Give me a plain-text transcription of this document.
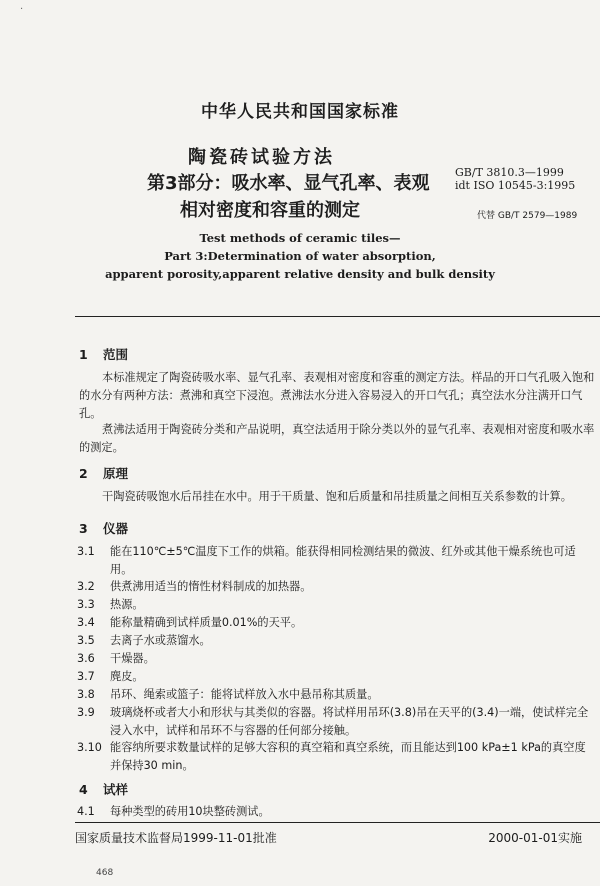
·
中华人民共和国国家标准
陶瓷砖试验方法
第3部分：吸水率、显气孔率、表观
相对密度和容重的测定
GB/T 3810.3—1999
idt ISO 10545-3:1995
代替 GB/T 2579—1989
Test methods of ceramic tiles—
Part 3:Determination of water absorption,
apparent porosity,apparent relative density and bulk density
1 范围
本标准规定了陶瓷砖吸水率、显气孔率、表观相对密度和容重的测定方法。样品的开口气孔吸入饱和的水分有两种方法：煮沸和真空下浸泡。煮沸法水分进入容易浸入的开口气孔；真空法水分注满开口气孔。
煮沸法适用于陶瓷砖分类和产品说明，真空法适用于除分类以外的显气孔率、表观相对密度和吸水率的测定。
2 原理
干陶瓷砖吸饱水后吊挂在水中。用于干质量、饱和后质量和吊挂质量之间相互关系参数的计算。
3 仪器
3.1 能在110℃±5℃温度下工作的烘箱。能获得相同检测结果的微波、红外或其他干燥系统也可适用。
3.2 供煮沸用适当的惰性材料制成的加热器。
3.3 热源。
3.4 能称量精确到试样质量0.01%的天平。
3.5 去离子水或蒸馏水。
3.6 干燥器。
3.7 麂皮。
3.8 吊环、绳索或篮子：能将试样放入水中悬吊称其质量。
3.9 玻璃烧杯或者大小和形状与其类似的容器。将试样用吊环(3.8)吊在天平的(3.4)一端，使试样完全浸入水中，试样和吊环不与容器的任何部分接触。
3.10 能容纳所要求数量试样的足够大容积的真空箱和真空系统，而且能达到100 kPa±1 kPa的真空度并保持30 min。
4 试样
4.1 每种类型的砖用10块整砖测试。
国家质量技术监督局1999-11-01批准	2000-01-01实施
468
